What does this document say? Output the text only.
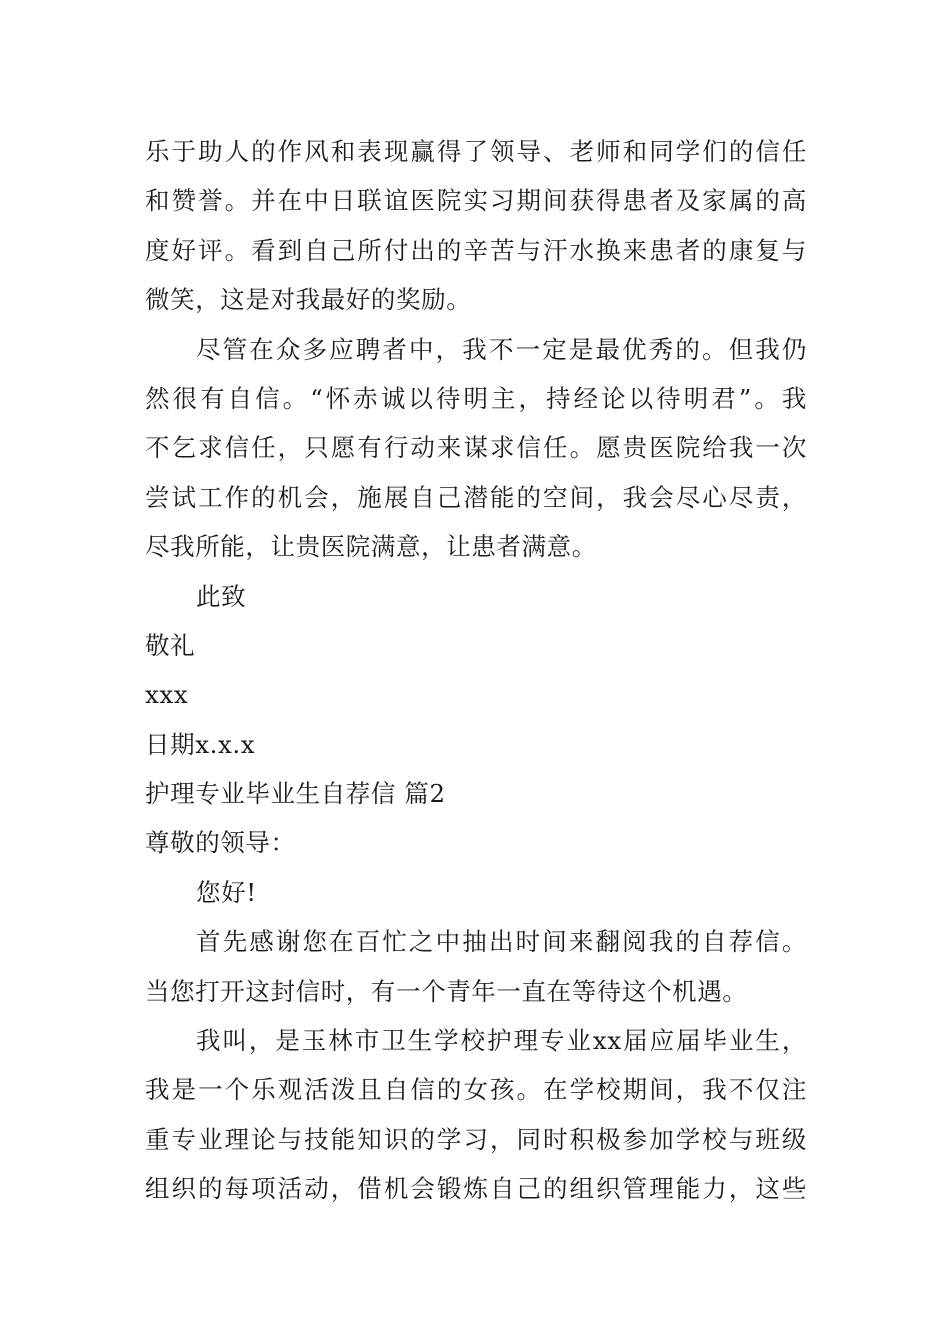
乐于助人的作风和表现赢得了领导、老师和同学们的信任
和赞誉。并在中日联谊医院实习期间获得患者及家属的高
度好评。看到自己所付出的辛苦与汗水换来患者的康复与
微笑，这是对我最好的奖励。
尽管在众多应聘者中，我不一定是最优秀的。但我仍
然很有自信。“怀赤诚以待明主，持经论以待明君”。我
不乞求信任，只愿有行动来谋求信任。愿贵医院给我一次
尝试工作的机会，施展自己潜能的空间，我会尽心尽责，
尽我所能，让贵医院满意，让患者满意。
此致
敬礼
xxx
日期x.x.x
护理专业毕业生自荐信 篇2
尊敬的领导：
您好!
首先感谢您在百忙之中抽出时间来翻阅我的自荐信。
当您打开这封信时，有一个青年一直在等待这个机遇。
我叫，是玉林市卫生学校护理专业xx届应届毕业生，
我是一个乐观活泼且自信的女孩。在学校期间，我不仅注
重专业理论与技能知识的学习，同时积极参加学校与班级
组织的每项活动，借机会锻炼自己的组织管理能力，这些
